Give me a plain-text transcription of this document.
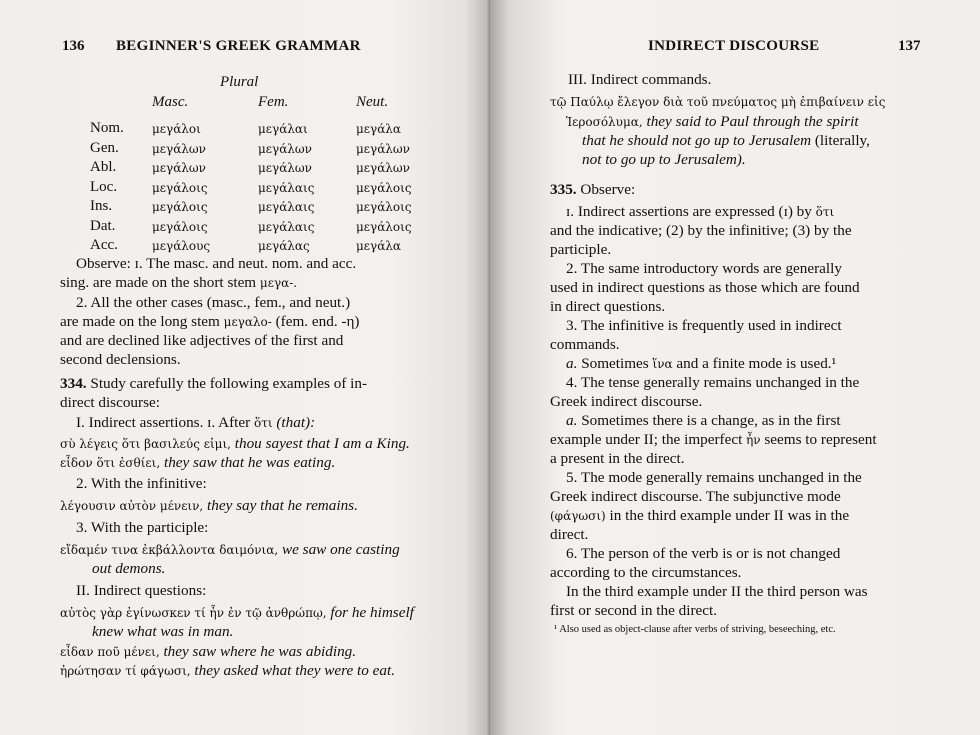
136 BEGINNER'S GREEK GRAMMAR
Plural
Masc.	Fem.	Neut.
Nom. μεγάλοι	μεγάλαι	μεγάλα
Gen.	μεγάλων	μεγάλων	μεγάλων
Abl.	μεγάλων	μεγάλων	μεγάλων
Loc.	μεγάλοις	μεγάλαις	μεγάλοις
Ins.	μεγάλοις	μεγάλαις	μεγάλοις
Dat.	μεγάλοις	μεγάλαις	μεγάλοις
Acc.	μεγάλους	μεγάλας	μεγάλα
Observe: ɪ. The masc. and neut. nom. and acc.
sing. are made on the short stem μεγα-.
2. All the other cases (masc., fem., and neut.)
are made on the long stem μεγαλο- (fem. end. -η)
and are declined like adjectives of the first and
second declensions.
334. Study carefully the following examples of in-
direct discourse:
I. Indirect assertions. ɪ. After ὅτι (that):
σὺ λέγεις ὅτι βασιλεύς εἰμι, thou sayest that I am a King.
εἶδον ὅτι ἐσθίει, they saw that he was eating.
2. With the infinitive:
λέγουσιν αὐτὸν μένειν, they say that he remains.
3. With the participle:
εἴδαμέν τινα ἐκβάλλοντα δαιμόνια, we saw one casting
out demons.
II. Indirect questions:
αὐτὸς γὰρ ἐγίνωσκεν τί ἦν ἐν τῷ ἀνθρώπῳ, for he himself
knew what was in man.
εἶδαν ποῦ μένει, they saw where he was abiding.
ἠρώτησαν τί φάγωσι, they asked what they were to eat.
INDIRECT DISCOURSE	137
III. Indirect commands.
τῷ Παύλῳ ἔλεγον διὰ τοῦ πνεύματος μὴ ἐπιβαίνειν εἰς
Ἱεροσόλυμα, they said to Paul through the spirit
that he should not go up to Jerusalem (literally,
not to go up to Jerusalem).
335. Observe:
ɪ. Indirect assertions are expressed (ɪ) by ὅτι
and the indicative; (2) by the infinitive; (3) by the
participle.
2. The same introductory words are generally
used in indirect questions as those which are found
in direct questions.
3. The infinitive is frequently used in indirect
commands.
a. Sometimes ἵνα and a finite mode is used.¹
4. The tense generally remains unchanged in the
Greek indirect discourse.
a. Sometimes there is a change, as in the first
example under II; the imperfect ἦν seems to represent
a present in the direct.
5. The mode generally remains unchanged in the
Greek indirect discourse. The subjunctive mode
(φάγωσι) in the third example under II was in the
direct.
6. The person of the verb is or is not changed
according to the circumstances.
In the third example under II the third person was
first or second in the direct.
¹ Also used as object-clause after verbs of striving, beseeching, etc.
